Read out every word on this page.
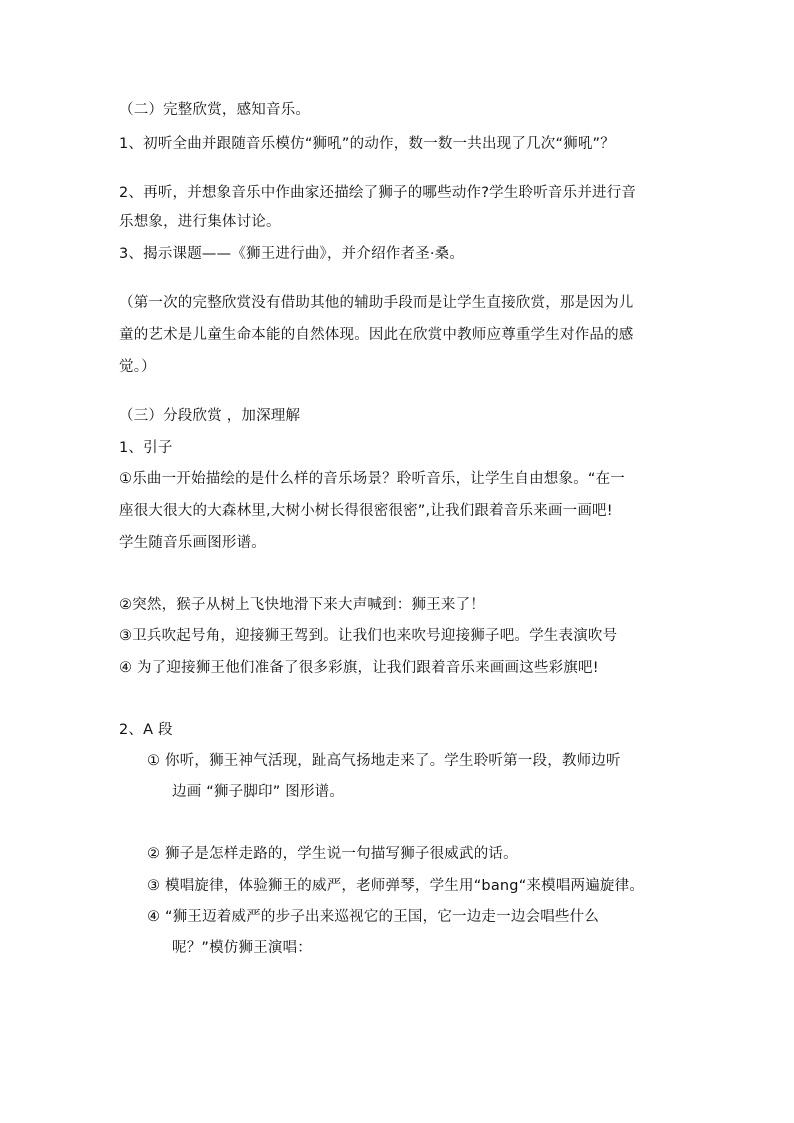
（二）完整欣赏，感知音乐。
1、初听全曲并跟随音乐模仿“狮吼”的动作，数一数一共出现了几次“狮吼”？
2、再听，并想象音乐中作曲家还描绘了狮子的哪些动作?学生聆听音乐并进行音
乐想象，进行集体讨论。
3、揭示课题——《狮王进行曲》，并介绍作者圣·桑。
（第一次的完整欣赏没有借助其他的辅助手段而是让学生直接欣赏，那是因为儿
童的艺术是儿童生命本能的自然体现。因此在欣赏中教师应尊重学生对作品的感
觉。）
（三）分段欣赏 ，加深理解
1、引子
①乐曲一开始描绘的是什么样的音乐场景？聆听音乐，让学生自由想象。“在一
座很大很大的大森林里,大树小树长得很密很密”,让我们跟着音乐来画一画吧!
学生随音乐画图形谱。
②突然，猴子从树上飞快地滑下来大声喊到：狮王来了！
③卫兵吹起号角，迎接狮王驾到。让我们也来吹号迎接狮子吧。学生表演吹号
④ 为了迎接狮王他们准备了很多彩旗，让我们跟着音乐来画画这些彩旗吧!
2、A 段
① 你听，狮王神气活现，趾高气扬地走来了。学生聆听第一段，教师边听
边画 “狮子脚印” 图形谱。
② 狮子是怎样走路的，学生说一句描写狮子很威武的话。
③ 模唱旋律，体验狮王的威严，老师弹琴，学生用“bang“来模唱两遍旋律。
④ “狮王迈着威严的步子出来巡视它的王国，它一边走一边会唱些什么
呢？”模仿狮王演唱：
